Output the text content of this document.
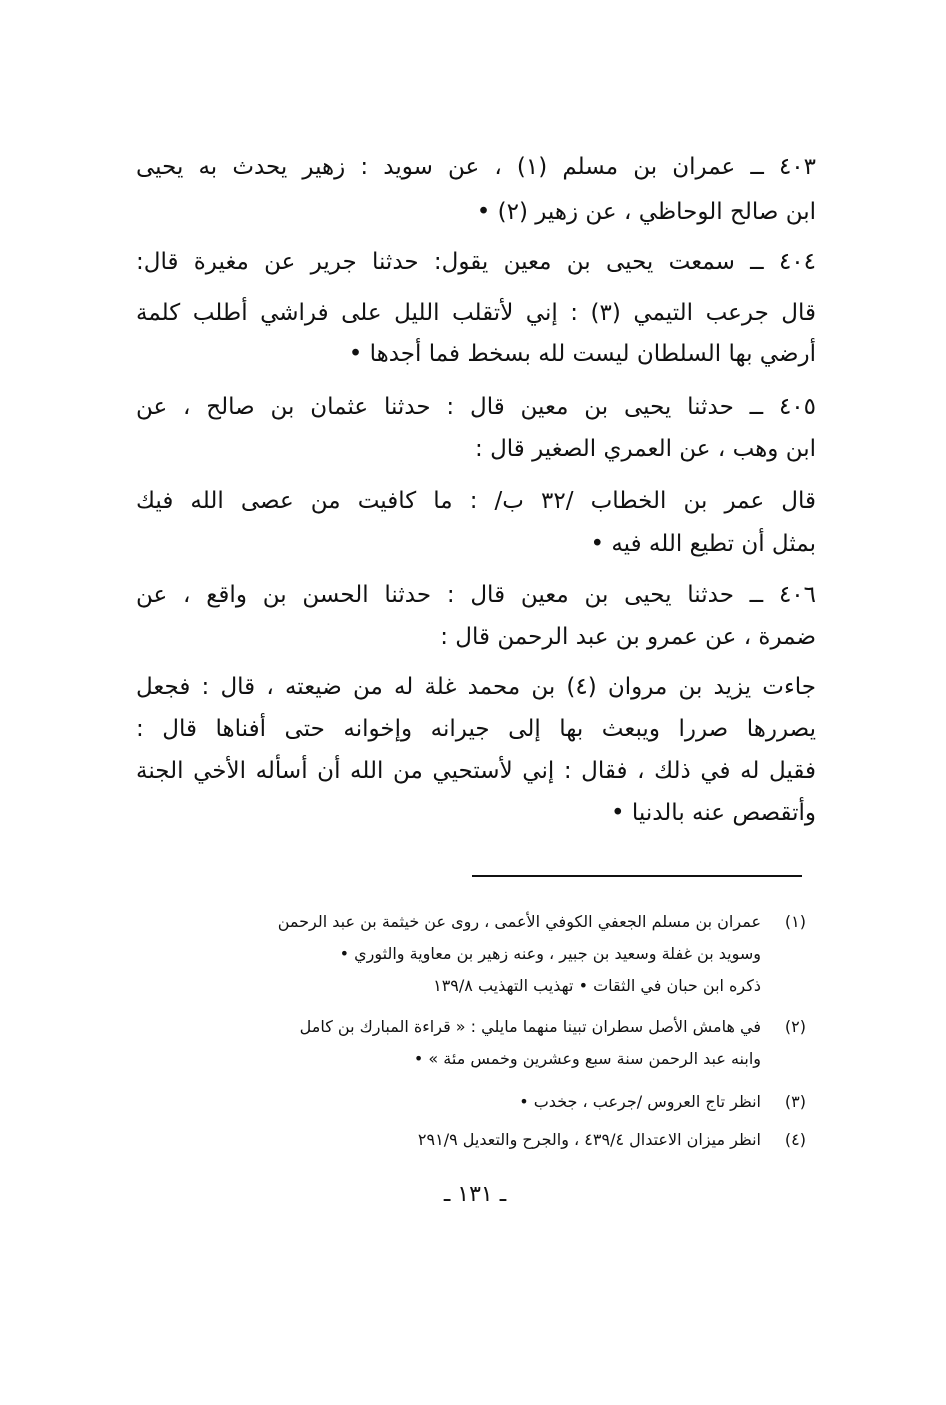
٤٠٣ ــ عمران بن مسلم (١) ، عن سويد : زهير يحدث به يحيى
ابن صالح الوحاظي ، عن زهير (٢) •
٤٠٤ ــ سمعت يحيى بن معين يقول: حدثنا جرير عن مغيرة قال:
قال جرعب التيمي (٣) : إني لأتقلب الليل على فراشي أطلب كلمة
أرضي بها السلطان ليست لله بسخط فما أجدها •
٤٠٥ ــ حدثنا يحيى بن معين قال : حدثنا عثمان بن صالح ، عن
ابن وهب ، عن العمري الصغير قال :
قال عمر بن الخطاب /٣٢ ب/ : ما كافيت من عصى الله فيك
بمثل أن تطيع الله فيه •
٤٠٦ ــ حدثنا يحيى بن معين قال : حدثنا الحسن بن واقع ، عن
ضمرة ، عن عمرو بن عبد الرحمن قال :
جاءت يزيد بن مروان (٤) بن محمد غلة له من ضيعته ، قال : فجعل
يصررها صررا ويبعث بها إلى جيرانه وإخوانه حتى أفناها قال :
فقيل له في ذلك ، فقال : إني لأستحيي من الله أن أسأله الأخي الجنة
وأتقصص عنه بالدنيا •
(١)
عمران بن مسلم الجعفي الكوفي الأعمى ، روى عن خيثمة بن عبد الرحمن
وسويد بن غفلة وسعيد بن جبير ، وعنه زهير بن معاوية والثوري •
ذكره ابن حبان في الثقات • تهذيب التهذيب ١٣٩/٨
(٢)
في هامش الأصل سطران تبينا منهما مايلي : « قراءة المبارك بن كامل
وابنه عبد الرحمن سنة سبع وعشرين وخمس مئة » •
(٣)
انظر تاج العروس /جرعب ، جخدب •
(٤)
انظر ميزان الاعتدال ٤٣٩/٤ ، والجرح والتعديل ٢٩١/٩
ـ ١٣١ ـ
